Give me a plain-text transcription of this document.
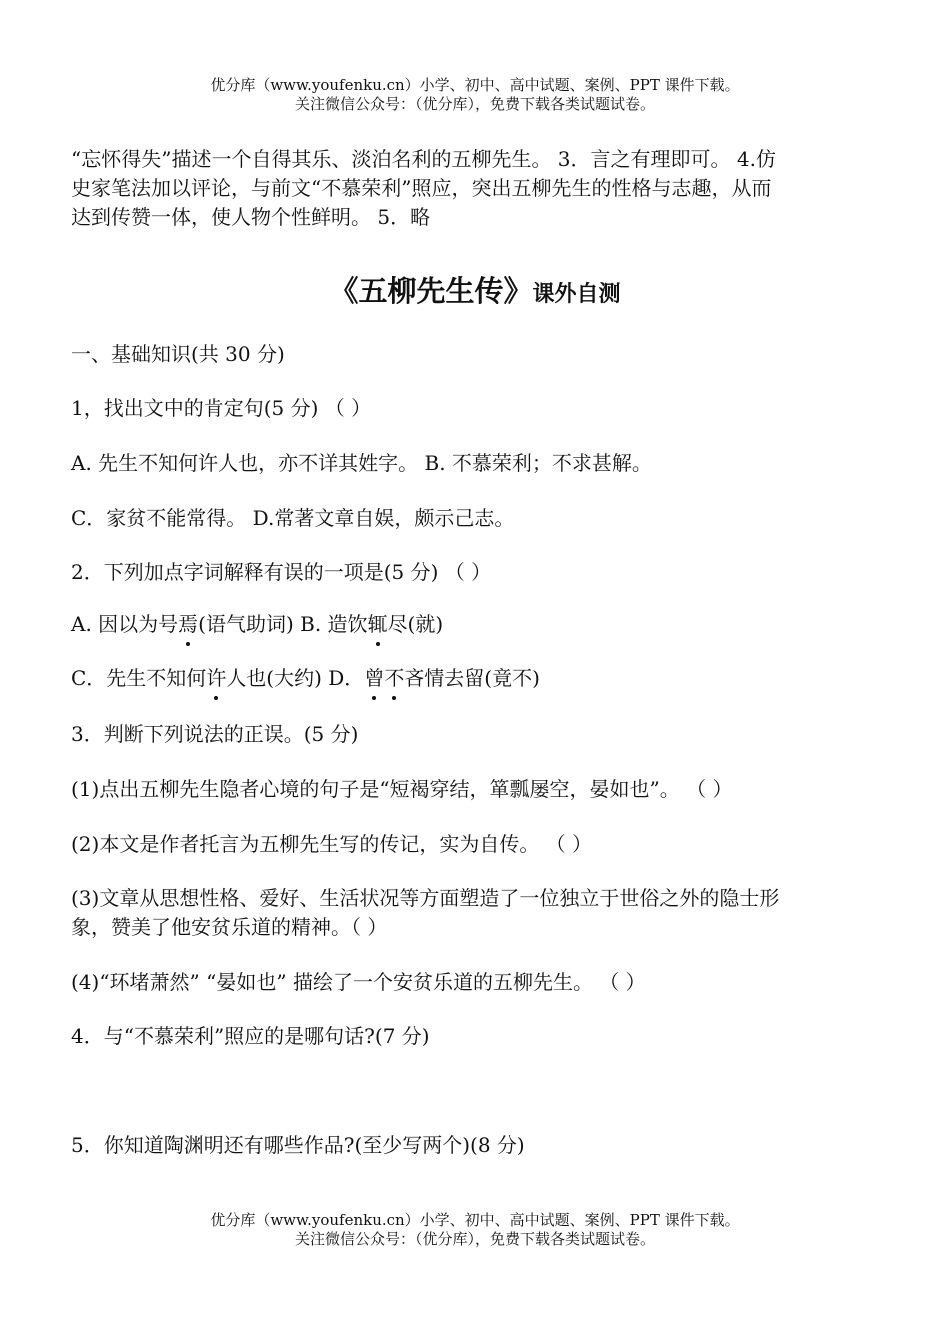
优分库（www.youfenku.cn）小学、初中、高中试题、案例、PPT 课件下载。
关注微信公众号：（优分库），免费下载各类试题试卷。
“忘怀得失”描述一个自得其乐、淡泊名利的五柳先生。 3．言之有理即可。 4.仿
史家笔法加以评论，与前文“不慕荣利”照应，突出五柳先生的性格与志趣，从而
达到传赞一体，使人物个性鲜明。 5．略
《五柳先生传》课外自测
一、基础知识(共 30 分)
1，找出文中的肯定句(5 分) （ ）
A. 先生不知何许人也，亦不详其姓字。 B. 不慕荣利；不求甚解。
C．家贫不能常得。 D.常著文章自娱，颇示己志。
2．下列加点字词解释有误的一项是(5 分) （ ）
A. 因以为号焉(语气助词) B. 造饮辄尽(就)
C．先生不知何许人也(大约) D．曾不吝情去留(竟不)
3．判断下列说法的正误。(5 分)
(1)点出五柳先生隐者心境的句子是“短褐穿结，箪瓢屡空，晏如也”。 （ ）
(2)本文是作者托言为五柳先生写的传记，实为自传。 （ ）
(3)文章从思想性格、爱好、生活状况等方面塑造了一位独立于世俗之外的隐士形
象，赞美了他安贫乐道的精神。（ ）
(4)“环堵萧然” “晏如也” 描绘了一个安贫乐道的五柳先生。 （ ）
4．与“不慕荣利”照应的是哪句话?(7 分)
5．你知道陶渊明还有哪些作品?(至少写两个)(8 分)
优分库（www.youfenku.cn）小学、初中、高中试题、案例、PPT 课件下载。
关注微信公众号：（优分库），免费下载各类试题试卷。
